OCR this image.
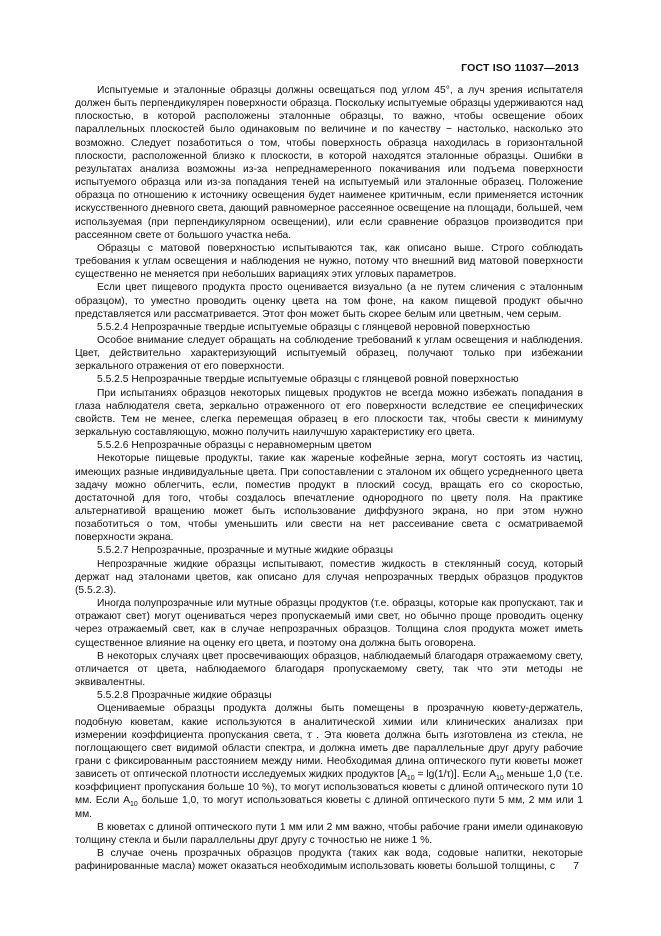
ГОСТ ISO 11037—2013

Испытуемые и эталонные образцы должны освещаться под углом 45°, а луч зрения испытателя должен быть перпендикулярен поверхности образца. Поскольку испытуемые образцы удерживаются над плоскостью, в которой расположены эталонные образцы, то важно, чтобы освещение обоих параллельных плоскостей было одинаковым по величине и по качеству − настолько, насколько это возможно. Следует позаботиться о том, чтобы поверхность образца находилась в горизонтальной плоскости, расположенной близко к плоскости, в которой находятся эталонные образцы. Ошибки в результатах анализа возможны из-за непреднамеренного покачивания или подъема поверхности испытуемого образца или из-за попадания теней на испытуемый или эталонные образец. Положение образца по отношению к источнику освещения будет наименее критичным, если применяется источник искусственного дневного света, дающий равномерное рассеянное освещение на площади, большей, чем используемая (при перпендикулярном освещении), или если сравнение образцов производится при рассеянном свете от большого участка неба.

Образцы с матовой поверхностью испытываются так, как описано выше. Строго соблюдать требования к углам освещения и наблюдения не нужно, потому что внешний вид матовой поверхности существенно не меняется при небольших вариациях этих угловых параметров.

Если цвет пищевого продукта просто оценивается визуально (а не путем сличения с эталонным образцом), то уместно проводить оценку цвета на том фоне, на каком пищевой продукт обычно представляется или рассматривается. Этот фон может быть скорее белым или цветным, чем серым.

5.5.2.4 Непрозрачные твердые испытуемые образцы с глянцевой неровной поверхностью

Особое внимание следует обращать на соблюдение требований к углам освещения и наблюдения. Цвет, действительно характеризующий испытуемый образец, получают только при избежании зеркального отражения от его поверхности.

5.5.2.5 Непрозрачные твердые испытуемые образцы с глянцевой ровной поверхностью

При испытаниях образцов некоторых пищевых продуктов не всегда можно избежать попадания в глаза наблюдателя света, зеркально отраженного от его поверхности вследствие ее специфических свойств. Тем не менее, слегка перемещая образец в его плоскости так, чтобы свести к минимуму зеркальную составляющую, можно получить наилучшую характеристику его цвета.

5.5.2.6 Непрозрачные образцы с неравномерным цветом

Некоторые пищевые продукты, такие как жареные кофейные зерна, могут состоять из частиц, имеющих разные индивидуальные цвета. При сопоставлении с эталоном их общего усредненного цвета задачу можно облегчить, если, поместив продукт в плоский сосуд, вращать его со скоростью, достаточной для того, чтобы создалось впечатление однородного по цвету поля. На практике альтернативой вращению может быть использование диффузного экрана, но при этом нужно позаботиться о том, чтобы уменьшить или свести на нет рассеивание света с осматриваемой поверхности экрана.

5.5.2.7 Непрозрачные, прозрачные и мутные жидкие образцы

Непрозрачные жидкие образцы испытывают, поместив жидкость в стеклянный сосуд, который держат над эталонами цветов, как описано для случая непрозрачных твердых образцов продуктов (5.5.2.3).

Иногда полупрозрачные или мутные образцы продуктов (т.е. образцы, которые как пропускают, так и отражают свет) могут оцениваться через пропускаемый ими свет, но обычно проще проводить оценку через отражаемый свет, как в случае непрозрачных образцов. Толщина слоя продукта может иметь существенное влияние на оценку его цвета, и поэтому она должна быть оговорена.

В некоторых случаях цвет просвечивающих образцов, наблюдаемый благодаря отражаемому свету, отличается от цвета, наблюдаемого благодаря пропускаемому свету, так что эти методы не эквивалентны.

5.5.2.8 Прозрачные жидкие образцы

Оцениваемые образцы продукта должны быть помещены в прозрачную кювету-держатель, подобную кюветам, какие используются в аналитической химии или клинических анализах при измерении коэффициента пропускания света, τ . Эта кювета должна быть изготовлена из стекла, не поглощающего свет видимой области спектра, и должна иметь две параллельные друг другу рабочие грани с фиксированным расстоянием между ними. Необходимая длина оптического пути кюветы может зависеть от оптической плотности исследуемых жидких продуктов $[A_{10} = \lg(1/\tau)]$. Если $A_{10}$ меньше 1,0 (т.е. коэффициент пропускания больше 10 %), то могут использоваться кюветы с длиной оптического пути 10 мм. Если $A_{10}$ больше 1,0, то могут использоваться кюветы с длиной оптического пути 5 мм, 2 мм или 1 мм.

В кюветах с длиной оптического пути 1 мм или 2 мм важно, чтобы рабочие грани имели одинаковую толщину стекла и были параллельны друг другу с точностью не ниже 1 %.

В случае очень прозрачных образцов продукта (таких как вода, содовые напитки, некоторые рафинированные масла) может оказаться необходимым использовать кюветы большой толщины, с	7
